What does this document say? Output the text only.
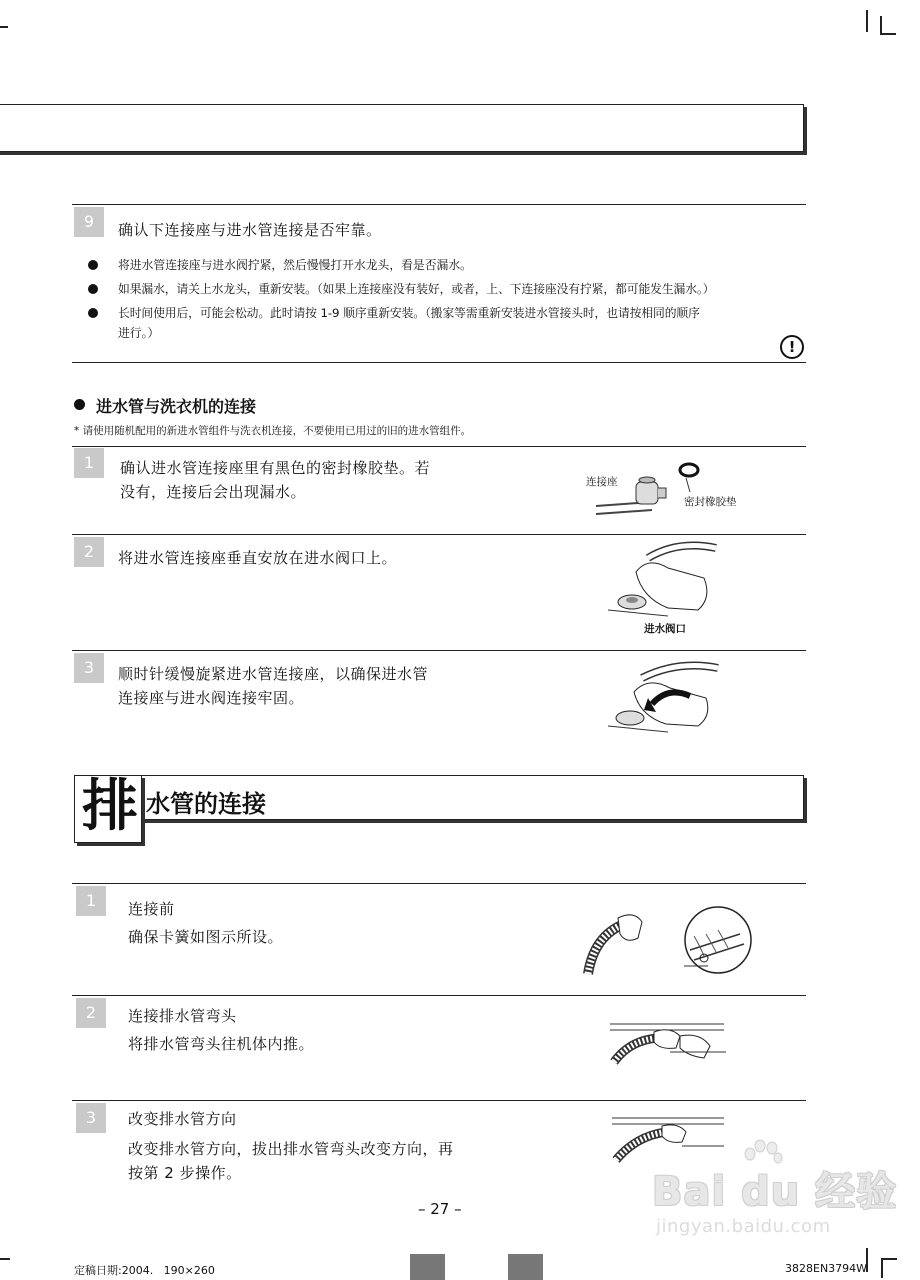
9	确认下连接座与进水管连接是否牢靠。
将进水管连接座与进水阀拧紧，然后慢慢打开水龙头，看是否漏水。
如果漏水，请关上水龙头，重新安装。（如果上连接座没有装好，或者，上、下连接座没有拧紧，都可能发生漏水。）
长时间使用后，可能会松动。此时请按 1-9 顺序重新安装。（搬家等需重新安装进水管接头时，也请按相同的顺序
进行。）
!
进水管与洗衣机的连接
* 请使用随机配用的新进水管组件与洗衣机连接，不要使用已用过的旧的进水管组件。
1	确认进水管连接座里有黑色的密封橡胶垫。若
没有，连接后会出现漏水。
连接座
密封橡胶垫
2	将进水管连接座垂直安放在进水阀口上。
进水阀口
3	顺时针缓慢旋紧进水管连接座，以确保进水管
连接座与进水阀连接牢固。
排 水管的连接
1	连接前
确保卡簧如图示所设。
2	连接排水管弯头
将排水管弯头往机体内推。
3	改变排水管方向
改变排水管方向，拔出排水管弯头改变方向，再
按第 2 步操作。	Bai du 经验
jingyan.baidu.com
– 27 –
定稿日期:2004.   190×260	3828EN3794W
